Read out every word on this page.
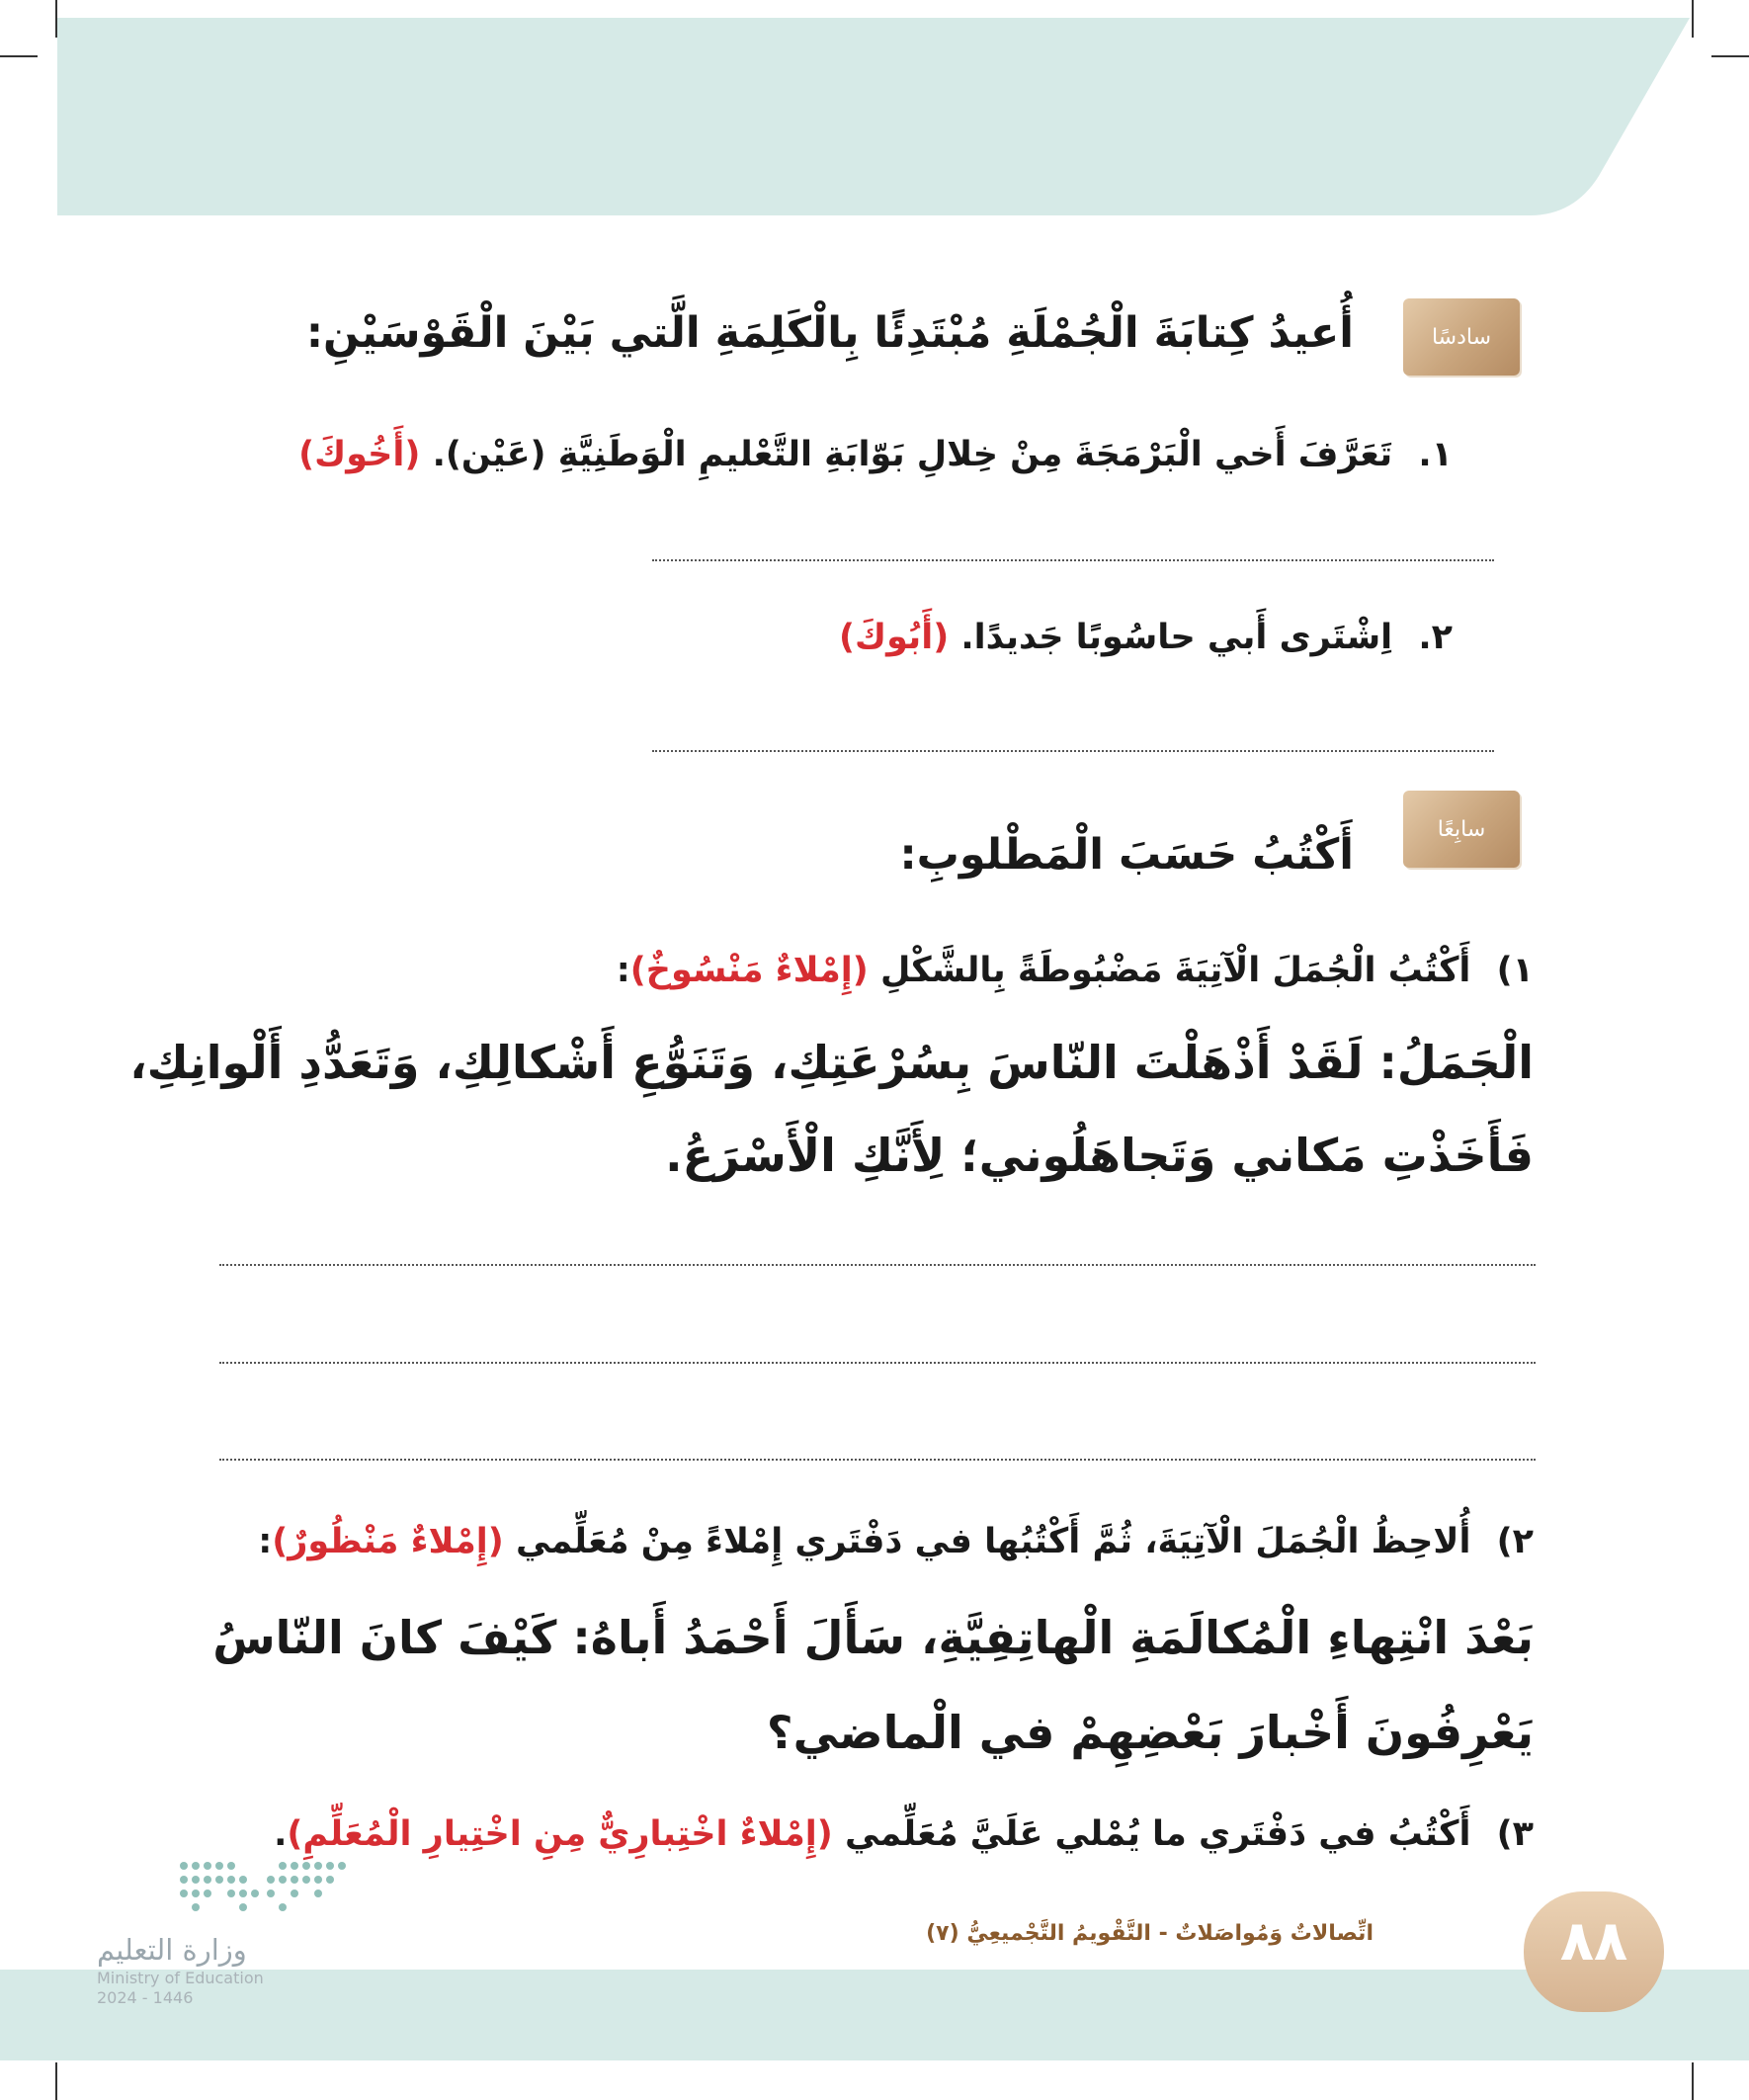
سادسًا
أُعيدُ كِتابَةَ الْجُمْلَةِ مُبْتَدِئًا بِالْكَلِمَةِ الَّتي بَيْنَ الْقَوْسَيْنِ:
١. تَعَرَّفَ أَخي الْبَرْمَجَةَ مِنْ خِلالِ بَوّابَةِ التَّعْليمِ الْوَطَنِيَّةِ (عَيْن). (أَخُوكَ)
٢. اِشْتَرى أَبي حاسُوبًا جَديدًا. (أَبُوكَ)
سابِعًا
أَكْتُبُ حَسَبَ الْمَطْلوبِ:
١) أَكْتُبُ الْجُمَلَ الْآتِيَةَ مَضْبُوطَةً بِالشَّكْلِ (إِمْلاءٌ مَنْسُوخٌ):
الْجَمَلُ: لَقَدْ أَذْهَلْتَ النّاسَ بِسُرْعَتِكِ، وَتَنَوُّعِ أَشْكالِكِ، وَتَعَدُّدِ أَلْوانِكِ،
فَأَخَذْتِ مَكاني وَتَجاهَلُوني؛ لِأَنَّكِ الْأَسْرَعُ.
٢) أُلاحِظُ الْجُمَلَ الْآتِيَةَ، ثُمَّ أَكْتُبُها في دَفْتَري إِمْلاءً مِنْ مُعَلِّمي (إِمْلاءٌ مَنْظُورٌ):
بَعْدَ انْتِهاءِ الْمُكالَمَةِ الْهاتِفِيَّةِ، سَأَلَ أَحْمَدُ أَباهُ: كَيْفَ كانَ النّاسُ
يَعْرِفُونَ أَخْبارَ بَعْضِهِمْ في الْماضي؟
٣) أَكْتُبُ في دَفْتَري ما يُمْلي عَلَيَّ مُعَلِّمي (إِمْلاءٌ اخْتِبارِيٌّ مِنِ اخْتِيارِ الْمُعَلِّمِ).
٨٨
اتِّصالاتٌ وَمُواصَلاتٌ - التَّقْويمُ التَّجْميعِيُّ (٧)
وزارة التعليم
Ministry of Education
2024 - 1446
